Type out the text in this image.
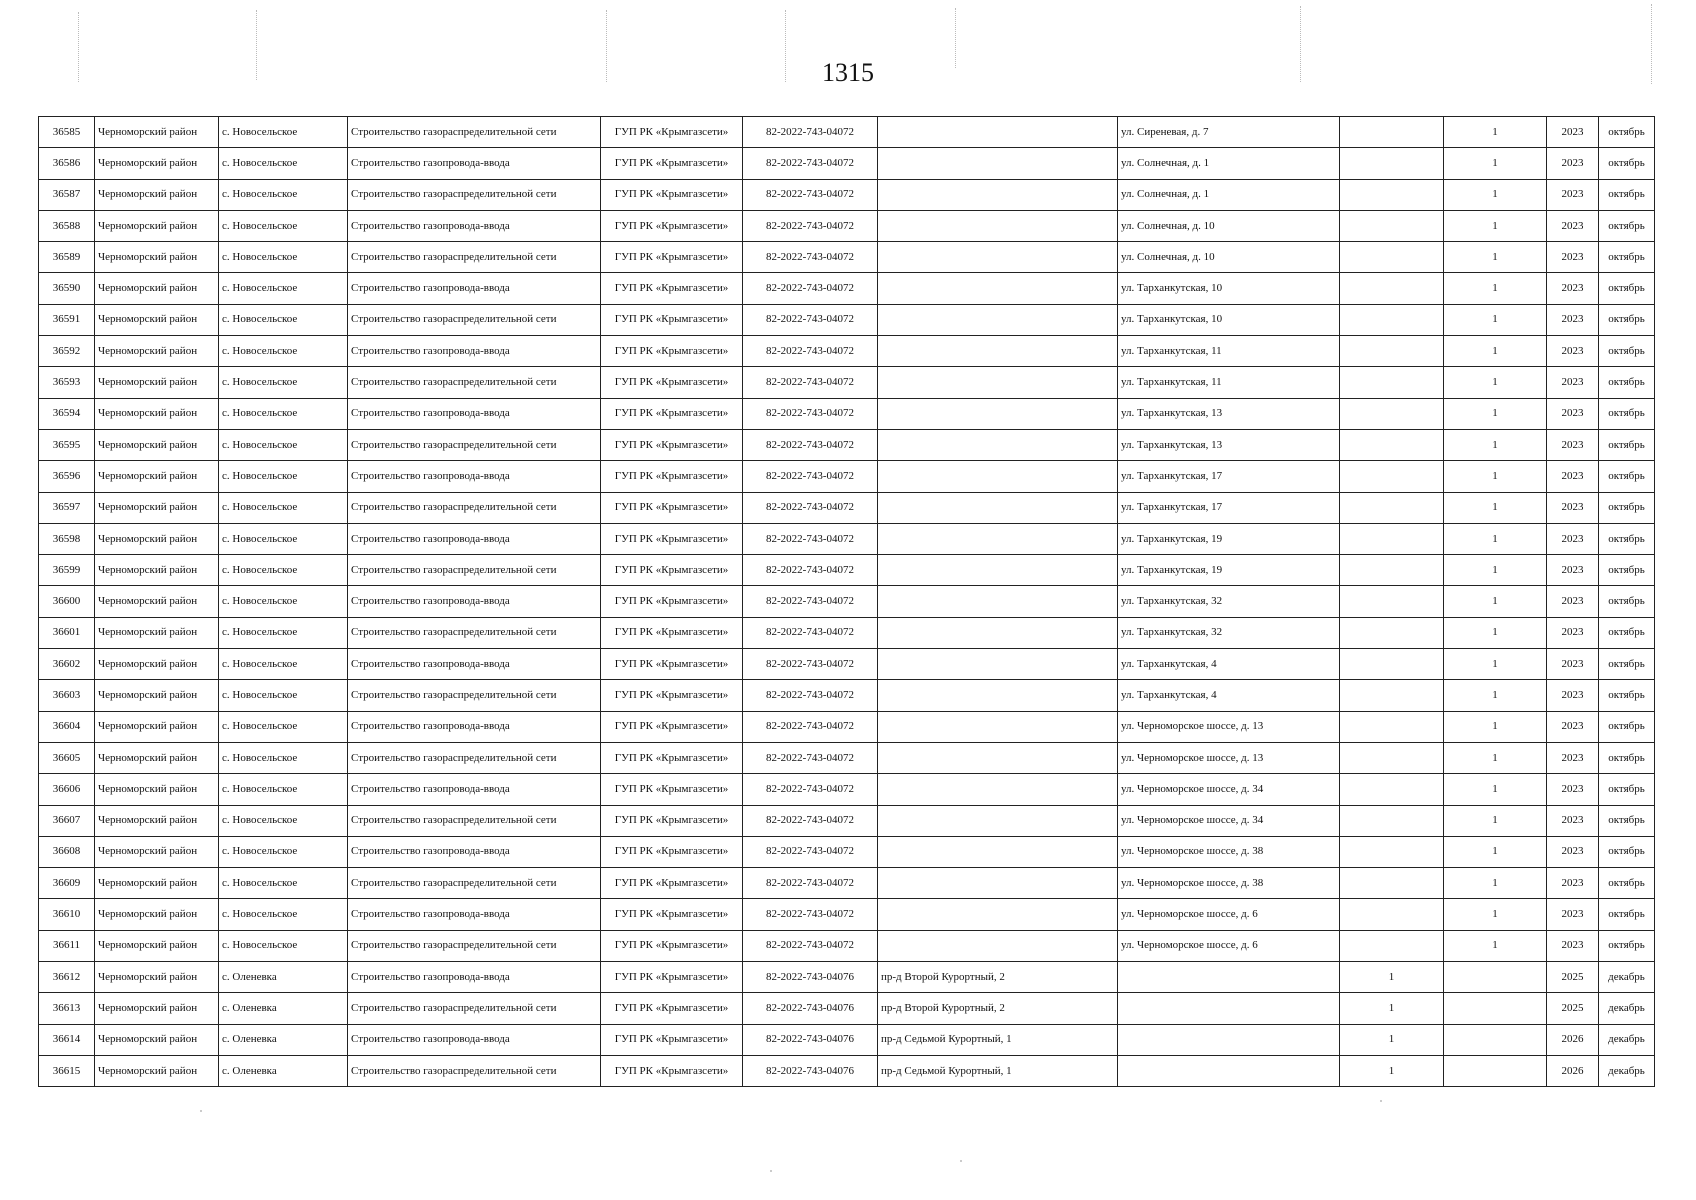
1315
36585	Черноморский район	с. Новосельское	Строительство газораспределительной сети	ГУП РК «Крымгазсети»	82-2022-743-04072		ул. Сиреневая, д. 7		1	2023	октябрь
36586	Черноморский район	с. Новосельское	Строительство газопровода-ввода	ГУП РК «Крымгазсети»	82-2022-743-04072		ул. Солнечная, д. 1		1	2023	октябрь
36587	Черноморский район	с. Новосельское	Строительство газораспределительной сети	ГУП РК «Крымгазсети»	82-2022-743-04072		ул. Солнечная, д. 1		1	2023	октябрь
36588	Черноморский район	с. Новосельское	Строительство газопровода-ввода	ГУП РК «Крымгазсети»	82-2022-743-04072		ул. Солнечная, д. 10		1	2023	октябрь
36589	Черноморский район	с. Новосельское	Строительство газораспределительной сети	ГУП РК «Крымгазсети»	82-2022-743-04072		ул. Солнечная, д. 10		1	2023	октябрь
36590	Черноморский район	с. Новосельское	Строительство газопровода-ввода	ГУП РК «Крымгазсети»	82-2022-743-04072		ул. Тарханкутская, 10		1	2023	октябрь
36591	Черноморский район	с. Новосельское	Строительство газораспределительной сети	ГУП РК «Крымгазсети»	82-2022-743-04072		ул. Тарханкутская, 10		1	2023	октябрь
36592	Черноморский район	с. Новосельское	Строительство газопровода-ввода	ГУП РК «Крымгазсети»	82-2022-743-04072		ул. Тарханкутская, 11		1	2023	октябрь
36593	Черноморский район	с. Новосельское	Строительство газораспределительной сети	ГУП РК «Крымгазсети»	82-2022-743-04072		ул. Тарханкутская, 11		1	2023	октябрь
36594	Черноморский район	с. Новосельское	Строительство газопровода-ввода	ГУП РК «Крымгазсети»	82-2022-743-04072		ул. Тарханкутская, 13		1	2023	октябрь
36595	Черноморский район	с. Новосельское	Строительство газораспределительной сети	ГУП РК «Крымгазсети»	82-2022-743-04072		ул. Тарханкутская, 13		1	2023	октябрь
36596	Черноморский район	с. Новосельское	Строительство газопровода-ввода	ГУП РК «Крымгазсети»	82-2022-743-04072		ул. Тарханкутская, 17		1	2023	октябрь
36597	Черноморский район	с. Новосельское	Строительство газораспределительной сети	ГУП РК «Крымгазсети»	82-2022-743-04072		ул. Тарханкутская, 17		1	2023	октябрь
36598	Черноморский район	с. Новосельское	Строительство газопровода-ввода	ГУП РК «Крымгазсети»	82-2022-743-04072		ул. Тарханкутская, 19		1	2023	октябрь
36599	Черноморский район	с. Новосельское	Строительство газораспределительной сети	ГУП РК «Крымгазсети»	82-2022-743-04072		ул. Тарханкутская, 19		1	2023	октябрь
36600	Черноморский район	с. Новосельское	Строительство газопровода-ввода	ГУП РК «Крымгазсети»	82-2022-743-04072		ул. Тарханкутская, 32		1	2023	октябрь
36601	Черноморский район	с. Новосельское	Строительство газораспределительной сети	ГУП РК «Крымгазсети»	82-2022-743-04072		ул. Тарханкутская, 32		1	2023	октябрь
36602	Черноморский район	с. Новосельское	Строительство газопровода-ввода	ГУП РК «Крымгазсети»	82-2022-743-04072		ул. Тарханкутская, 4		1	2023	октябрь
36603	Черноморский район	с. Новосельское	Строительство газораспределительной сети	ГУП РК «Крымгазсети»	82-2022-743-04072		ул. Тарханкутская, 4		1	2023	октябрь
36604	Черноморский район	с. Новосельское	Строительство газопровода-ввода	ГУП РК «Крымгазсети»	82-2022-743-04072		ул. Черноморское шоссе, д. 13		1	2023	октябрь
36605	Черноморский район	с. Новосельское	Строительство газораспределительной сети	ГУП РК «Крымгазсети»	82-2022-743-04072		ул. Черноморское шоссе, д. 13		1	2023	октябрь
36606	Черноморский район	с. Новосельское	Строительство газопровода-ввода	ГУП РК «Крымгазсети»	82-2022-743-04072		ул. Черноморское шоссе, д. 34		1	2023	октябрь
36607	Черноморский район	с. Новосельское	Строительство газораспределительной сети	ГУП РК «Крымгазсети»	82-2022-743-04072		ул. Черноморское шоссе, д. 34		1	2023	октябрь
36608	Черноморский район	с. Новосельское	Строительство газопровода-ввода	ГУП РК «Крымгазсети»	82-2022-743-04072		ул. Черноморское шоссе, д. 38		1	2023	октябрь
36609	Черноморский район	с. Новосельское	Строительство газораспределительной сети	ГУП РК «Крымгазсети»	82-2022-743-04072		ул. Черноморское шоссе, д. 38		1	2023	октябрь
36610	Черноморский район	с. Новосельское	Строительство газопровода-ввода	ГУП РК «Крымгазсети»	82-2022-743-04072		ул. Черноморское шоссе, д. 6		1	2023	октябрь
36611	Черноморский район	с. Новосельское	Строительство газораспределительной сети	ГУП РК «Крымгазсети»	82-2022-743-04072		ул. Черноморское шоссе, д. 6		1	2023	октябрь
36612	Черноморский район	с. Оленевка	Строительство газопровода-ввода	ГУП РК «Крымгазсети»	82-2022-743-04076	пр-д Второй Курортный, 2		1		2025	декабрь
36613	Черноморский район	с. Оленевка	Строительство газораспределительной сети	ГУП РК «Крымгазсети»	82-2022-743-04076	пр-д Второй Курортный, 2		1		2025	декабрь
36614	Черноморский район	с. Оленевка	Строительство газопровода-ввода	ГУП РК «Крымгазсети»	82-2022-743-04076	пр-д Седьмой Курортный, 1		1		2026	декабрь
36615	Черноморский район	с. Оленевка	Строительство газораспределительной сети	ГУП РК «Крымгазсети»	82-2022-743-04076	пр-д Седьмой Курортный, 1		1		2026	декабрь
